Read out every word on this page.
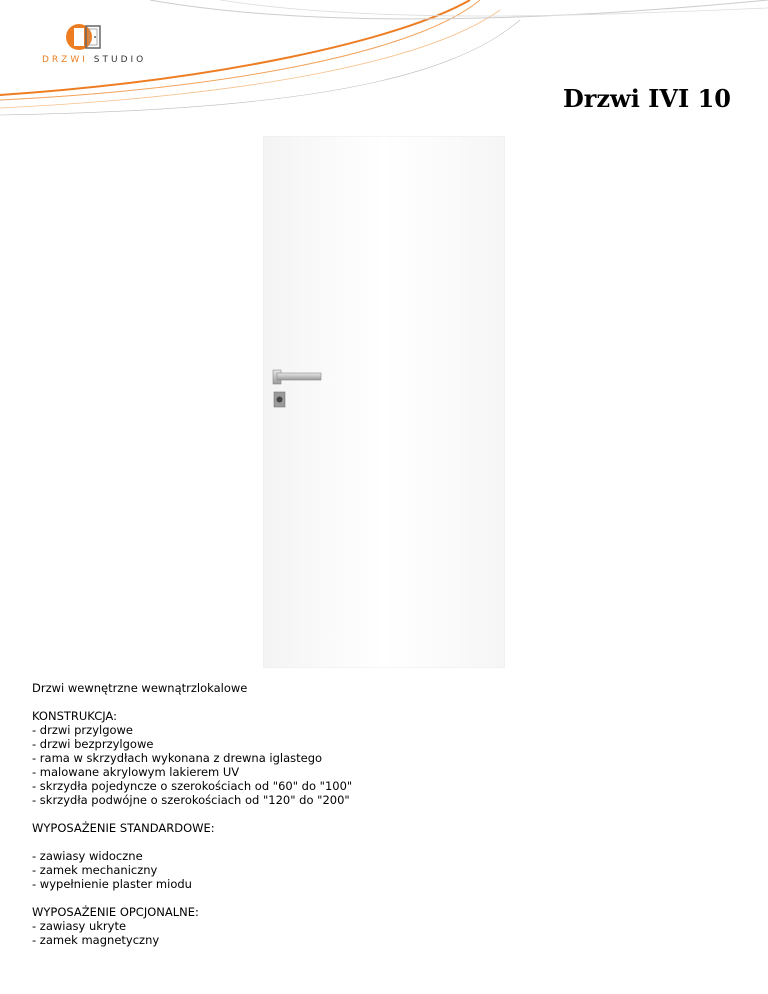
DRZWI STUDIO
Drzwi IVI 10

Drzwi wewnętrzne wewnątrzlokalowe

KONSTRUKCJA:

- drzwi przylgowe
- drzwi bezprzylgowe
- rama w skrzydłach wykonana z drewna iglastego
- malowane akrylowym lakierem UV
- skrzydła pojedyncze o szerokościach od "60" do "100"
- skrzydła podwójne o szerokościach od "120" do "200"

WYPOSAŻENIE STANDARDOWE:

- zawiasy widoczne
- zamek mechaniczny
- wypełnienie plaster miodu

WYPOSAŻENIE OPCJONALNE:

- zawiasy ukryte
- zamek magnetyczny
